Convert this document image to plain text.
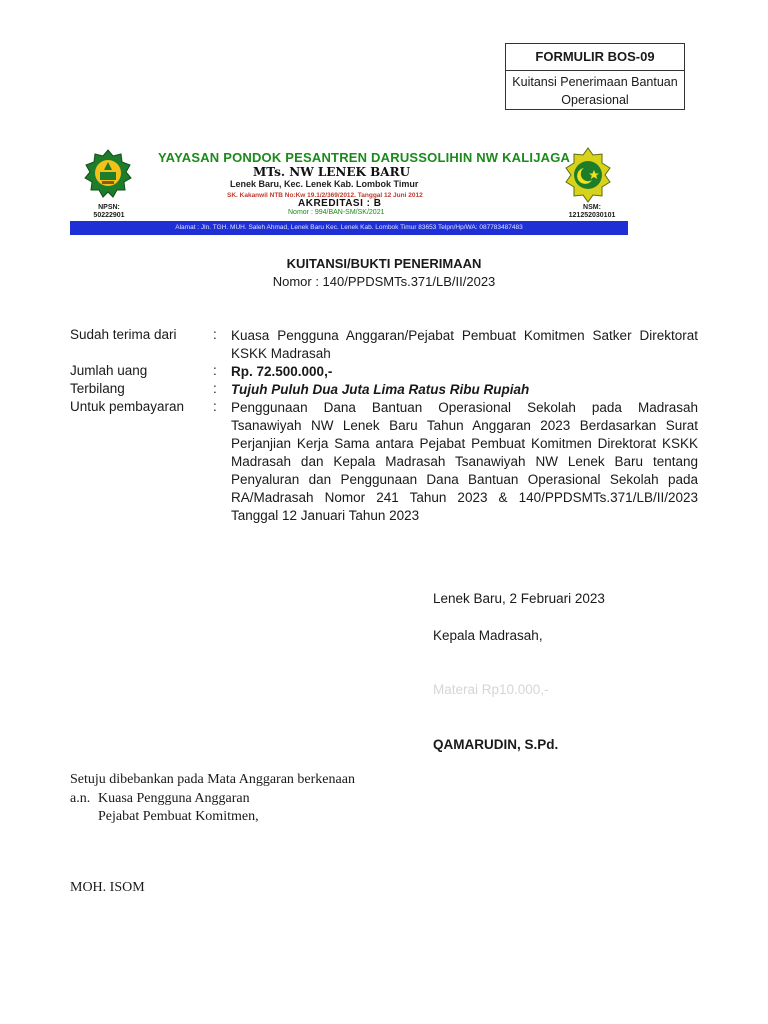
FORMULIR BOS-09
Kuitansi Penerimaan Bantuan Operasional
NPSN:
50222901
NSM:
121252030101
YAYASAN PONDOK PESANTREN DARUSSOLIHIN NW KALIJAGA
MTs. NW LENEK BARU
Lenek Baru, Kec. Lenek Kab. Lombok Timur
SK. Kakanwil NTB No:Kw 19.1/2/369/2012. Tanggal 12 Juni 2012
AKREDITASI : B
Nomor : 994/BAN-SM/SK/2021
Alamat : Jln. TGH. MUH. Saleh Ahmad, Lenek Baru Kec. Lenek Kab. Lombok Timur 83653 Telpn/Hp/WA: 087783487483
KUITANSI/BUKTI PENERIMAAN
Nomor : 140/PPDSMTs.371/LB/II/2023
Sudah terima dari	: Kuasa Pengguna Anggaran/Pejabat Pembuat Komitmen Satker Direktorat KSKK Madrasah
Jumlah uang	: Rp. 72.500.000,-
Terbilang	: Tujuh Puluh Dua Juta Lima Ratus Ribu Rupiah
Untuk pembayaran : Penggunaan Dana Bantuan Operasional Sekolah pada Madrasah Tsanawiyah NW Lenek Baru Tahun Anggaran 2023 Berdasarkan Surat Perjanjian Kerja Sama antara Pejabat Pembuat Komitmen Direktorat KSKK Madrasah dan Kepala Madrasah Tsanawiyah NW Lenek Baru tentang Penyaluran dan Penggunaan Dana Bantuan Operasional Sekolah pada RA/Madrasah Nomor 241 Tahun 2023 & 140/PPDSMTs.371/LB/II/2023 Tanggal 12 Januari Tahun 2023
Lenek Baru, 2 Februari 2023
Kepala Madrasah,
Materai Rp10.000,-
QAMARUDIN, S.Pd.
Setuju dibebankan pada Mata Anggaran berkenaan
a.n. Kuasa Pengguna Anggaran
Pejabat Pembuat Komitmen,
MOH. ISOM
